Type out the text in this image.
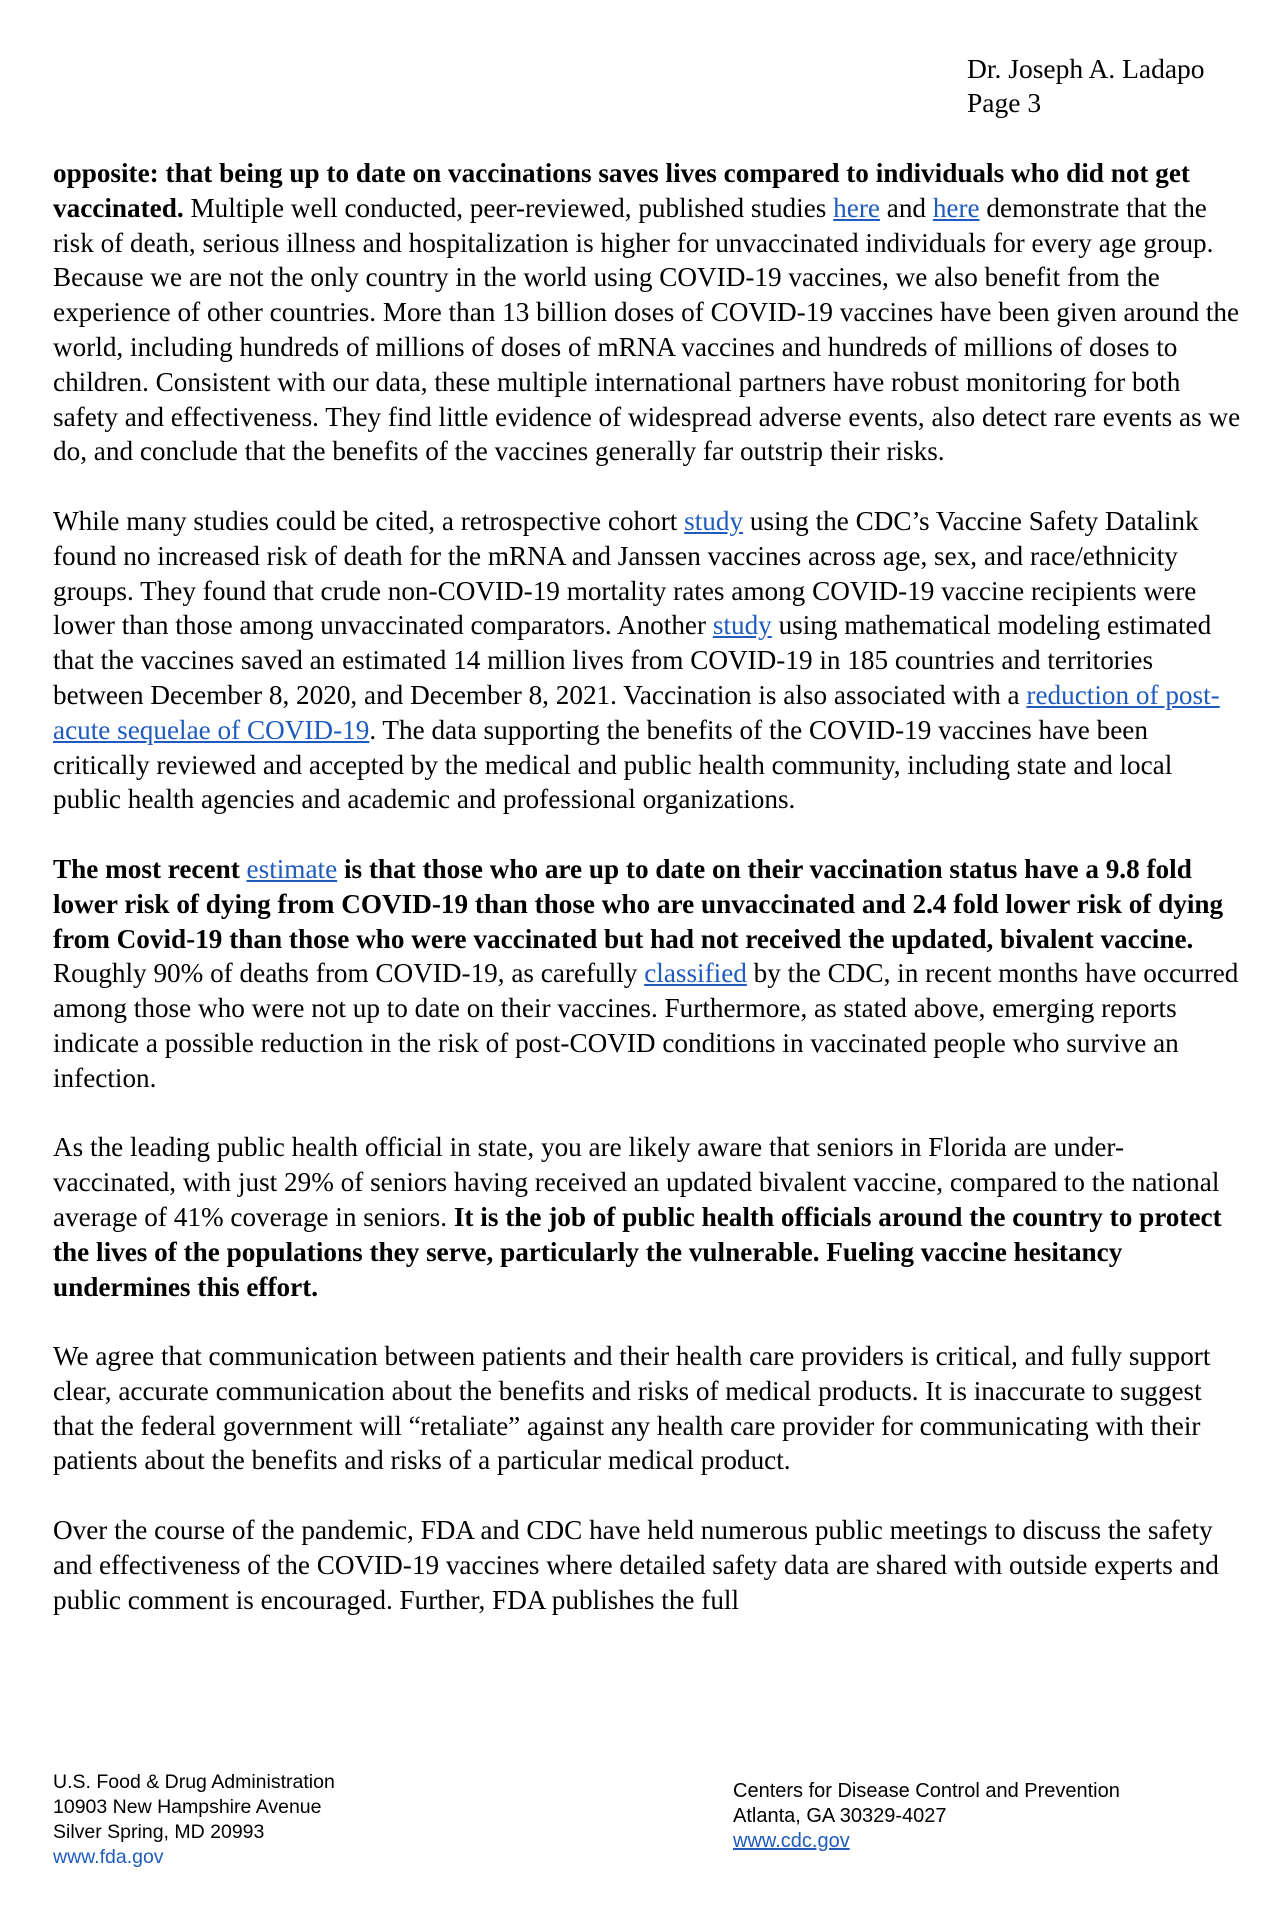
Dr. Joseph A. Ladapo
Page 3

opposite: that being up to date on vaccinations saves lives compared to individuals who did not get vaccinated. Multiple well conducted, peer-reviewed, published studies here and here demonstrate that the risk of death, serious illness and hospitalization is higher for unvaccinated individuals for every age group. Because we are not the only country in the world using COVID-19 vaccines, we also benefit from the experience of other countries. More than 13 billion doses of COVID-19 vaccines have been given around the world, including hundreds of millions of doses of mRNA vaccines and hundreds of millions of doses to children. Consistent with our data, these multiple international partners have robust monitoring for both safety and effectiveness. They find little evidence of widespread adverse events, also detect rare events as we do, and conclude that the benefits of the vaccines generally far outstrip their risks.

While many studies could be cited, a retrospective cohort study using the CDC’s Vaccine Safety Datalink found no increased risk of death for the mRNA and Janssen vaccines across age, sex, and race/ethnicity groups. They found that crude non-COVID-19 mortality rates among COVID-19 vaccine recipients were lower than those among unvaccinated comparators. Another study using mathematical modeling estimated that the vaccines saved an estimated 14 million lives from COVID-19 in 185 countries and territories between December 8, 2020, and December 8, 2021. Vaccination is also associated with a reduction of post-acute sequelae of COVID-19. The data supporting the benefits of the COVID-19 vaccines have been critically reviewed and accepted by the medical and public health community, including state and local public health agencies and academic and professional organizations.

The most recent estimate is that those who are up to date on their vaccination status have a 9.8 fold lower risk of dying from COVID-19 than those who are unvaccinated and 2.4 fold lower risk of dying from Covid-19 than those who were vaccinated but had not received the updated, bivalent vaccine. Roughly 90% of deaths from COVID-19, as carefully classified by the CDC, in recent months have occurred among those who were not up to date on their vaccines. Furthermore, as stated above, emerging reports indicate a possible reduction in the risk of post-COVID conditions in vaccinated people who survive an infection.

As the leading public health official in state, you are likely aware that seniors in Florida are under-vaccinated, with just 29% of seniors having received an updated bivalent vaccine, compared to the national average of 41% coverage in seniors. It is the job of public health officials around the country to protect the lives of the populations they serve, particularly the vulnerable. Fueling vaccine hesitancy undermines this effort.

We agree that communication between patients and their health care providers is critical, and fully support clear, accurate communication about the benefits and risks of medical products. It is inaccurate to suggest that the federal government will “retaliate” against any health care provider for communicating with their patients about the benefits and risks of a particular medical product.

Over the course of the pandemic, FDA and CDC have held numerous public meetings to discuss the safety and effectiveness of the COVID-19 vaccines where detailed safety data are shared with outside experts and public comment is encouraged. Further, FDA publishes the full

U.S. Food & Drug Administration
10903 New Hampshire Avenue
Silver Spring, MD 20993
www.fda.gov
Centers for Disease Control and Prevention
Atlanta, GA 30329-4027
www.cdc.gov
